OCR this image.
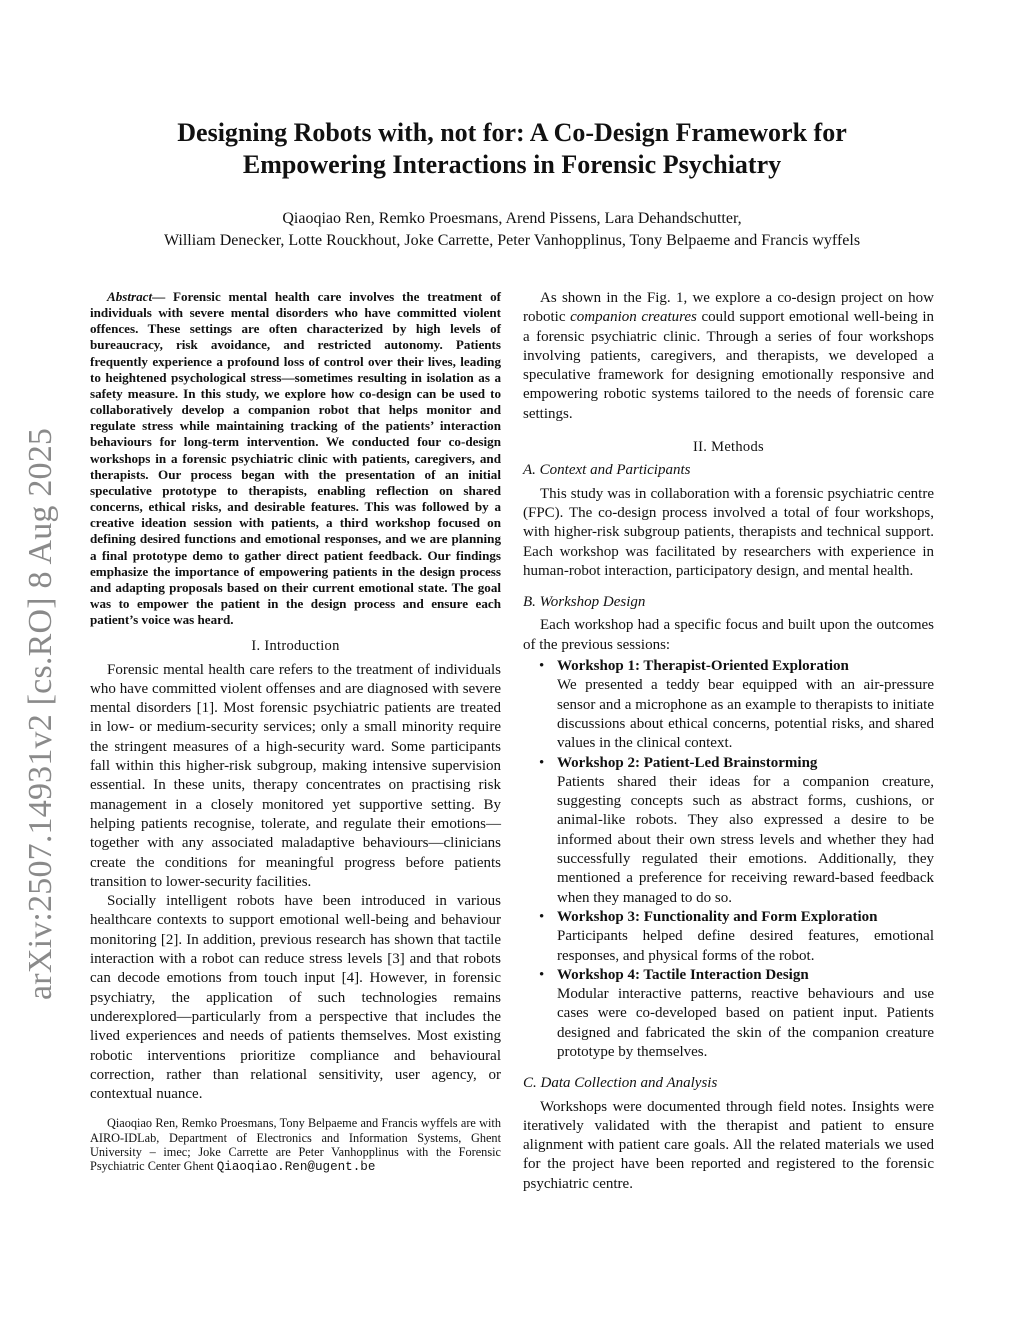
arXiv:2507.14931v2 [cs.RO] 8 Aug 2025
Designing Robots with, not for: A Co-Design Framework for
Empowering Interactions in Forensic Psychiatry
Qiaoqiao Ren, Remko Proesmans, Arend Pissens, Lara Dehandschutter,
William Denecker, Lotte Rouckhout, Joke Carrette, Peter Vanhopplinus, Tony Belpaeme and Francis wyffels

Abstract— Forensic mental health care involves the treatment of individuals with severe mental disorders who have committed violent offences. These settings are often characterized by high levels of bureaucracy, risk avoidance, and restricted autonomy. Patients frequently experience a profound loss of control over their lives, leading to heightened psychological stress—sometimes resulting in isolation as a safety measure. In this study, we explore how co-design can be used to collaboratively develop a companion robot that helps monitor and regulate stress while maintaining tracking of the patients’ interaction behaviours for long-term intervention. We conducted four co-design workshops in a forensic psychiatric clinic with patients, caregivers, and therapists. Our process began with the presentation of an initial speculative prototype to therapists, enabling reflection on shared concerns, ethical risks, and desirable features. This was followed by a creative ideation session with patients, a third workshop focused on defining desired functions and emotional responses, and we are planning a final prototype demo to gather direct patient feedback. Our findings emphasize the importance of empowering patients in the design process and adapting proposals based on their current emotional state. The goal was to empower the patient in the design process and ensure each patient’s voice was heard.

I. Introduction

Forensic mental health care refers to the treatment of individuals who have committed violent offenses and are diagnosed with severe mental disorders [1]. Most forensic psychiatric patients are treated in low- or medium-security services; only a small minority require the stringent measures of a high-security ward. Some participants fall within this higher-risk subgroup, making intensive supervision essential. In these units, therapy concentrates on practising risk management in a closely monitored yet supportive setting. By helping patients recognise, tolerate, and regulate their emotions—together with any associated maladaptive behaviours—clinicians create the conditions for meaningful progress before patients transition to lower-security facilities.

Socially intelligent robots have been introduced in various healthcare contexts to support emotional well-being and behaviour monitoring [2]. In addition, previous research has shown that tactile interaction with a robot can reduce stress levels [3] and that robots can decode emotions from touch input [4]. However, in forensic psychiatry, the application of such technologies remains underexplored—particularly from a perspective that includes the lived experiences and needs of patients themselves. Most existing robotic interventions prioritize compliance and behavioural correction, rather than relational sensitivity, user agency, or contextual nuance.

Qiaoqiao Ren, Remko Proesmans, Tony Belpaeme and Francis wyffels are with AIRO-IDLab, Department of Electronics and Information Systems, Ghent University – imec; Joke Carrette are Peter Vanhopplinus with the Forensic Psychiatric Center Ghent Qiaoqiao.Ren@ugent.be

As shown in the Fig. 1, we explore a co-design project on how robotic companion creatures could support emotional well-being in a forensic psychiatric clinic. Through a series of four workshops involving patients, caregivers, and therapists, we developed a speculative framework for designing emotionally responsive and empowering robotic systems tailored to the needs of forensic care settings.

II. Methods
A. Context and Participants

This study was in collaboration with a forensic psychiatric centre (FPC). The co-design process involved a total of four workshops, with higher-risk subgroup patients, therapists and technical support. Each workshop was facilitated by researchers with experience in human-robot interaction, participatory design, and mental health.

B. Workshop Design

Each workshop had a specific focus and built upon the outcomes of the previous sessions:

• Workshop 1: Therapist-Oriented Exploration
We presented a teddy bear equipped with an air-pressure sensor and a microphone as an example to therapists to initiate discussions about ethical concerns, potential risks, and shared values in the clinical context.
• Workshop 2: Patient-Led Brainstorming
Patients shared their ideas for a companion creature, suggesting concepts such as abstract forms, cushions, or animal-like robots. They also expressed a desire to be informed about their own stress levels and whether they had successfully regulated their emotions. Additionally, they mentioned a preference for receiving reward-based feedback when they managed to do so.
• Workshop 3: Functionality and Form Exploration
Participants helped define desired features, emotional responses, and physical forms of the robot.
• Workshop 4: Tactile Interaction Design
Modular interactive patterns, reactive behaviours and use cases were co-developed based on patient input. Patients designed and fabricated the skin of the companion creature prototype by themselves.
C. Data Collection and Analysis

Workshops were documented through field notes. Insights were iteratively validated with the therapist and patient to ensure alignment with patient care goals. All the related materials we used for the project have been reported and registered to the forensic psychiatric centre.
